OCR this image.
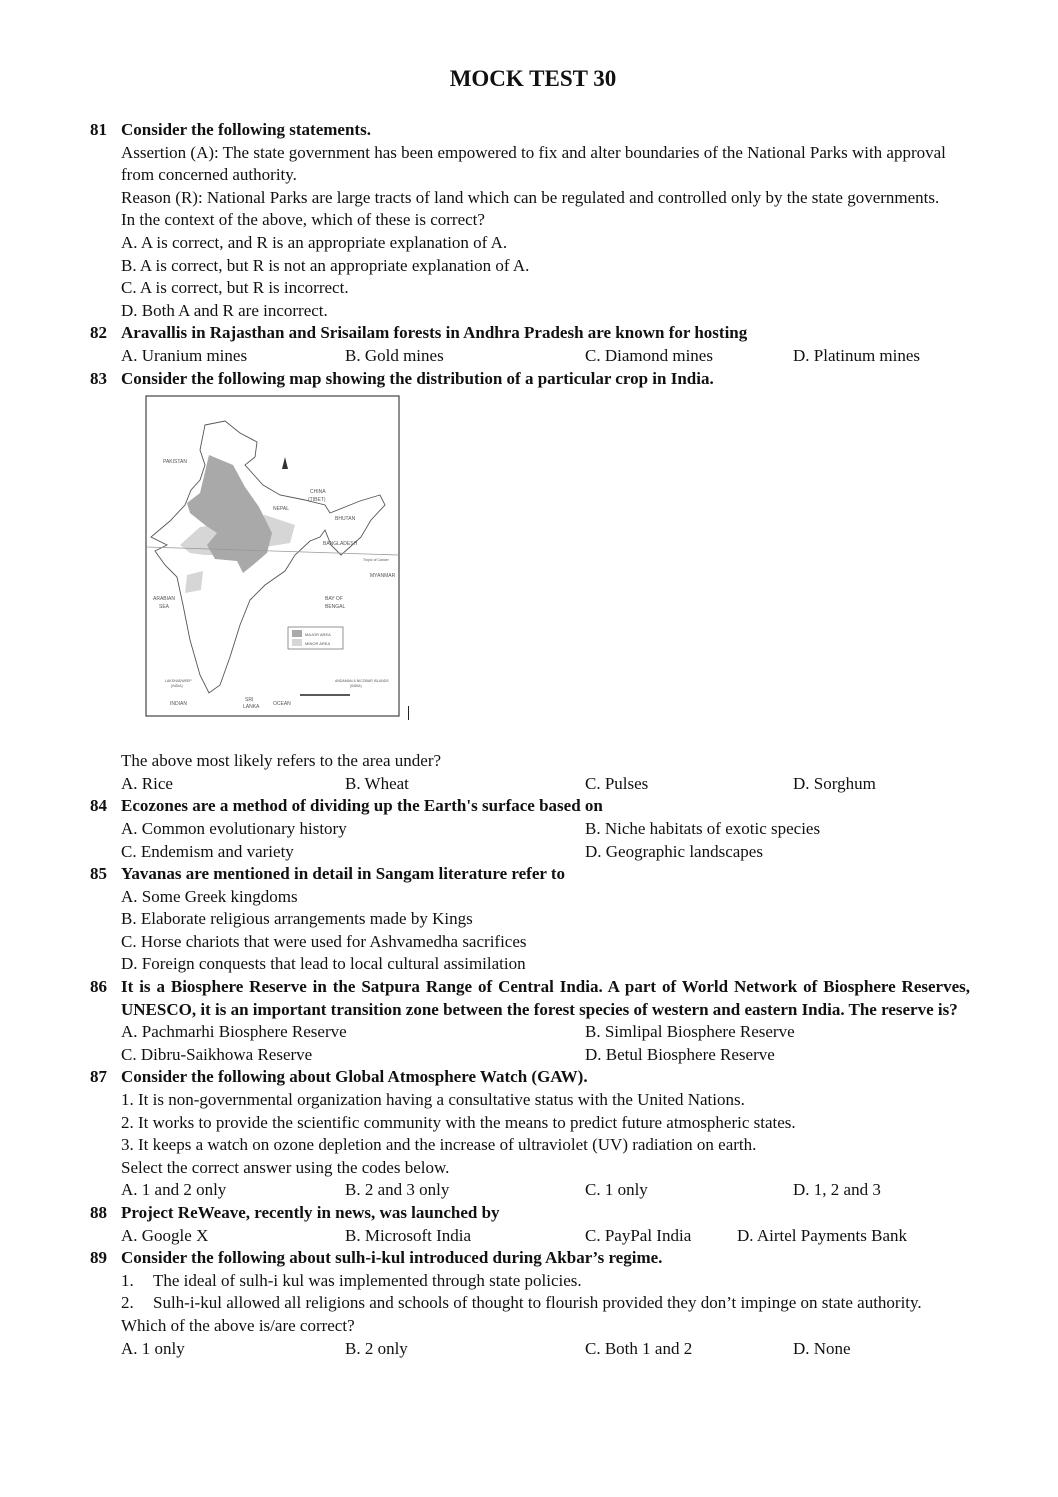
MOCK TEST 30
81 Consider the following statements.
Assertion (A): The state government has been empowered to fix and alter boundaries of the National Parks with approval from concerned authority.
Reason (R): National Parks are large tracts of land which can be regulated and controlled only by the state governments.
In the context of the above, which of these is correct?
A. A is correct, and R is an appropriate explanation of A.
B. A is correct, but R is not an appropriate explanation of A.
C. A is correct, but R is incorrect.
D. Both A and R are incorrect.
82 Aravallis in Rajasthan and Srisailam forests in Andhra Pradesh are known for hosting
A. Uranium mines	B. Gold mines	C. Diamond mines	D. Platinum mines
83 Consider the following map showing the distribution of a particular crop in India.
PAKISTAN
CHINA
(TIBET)
NEPAL
BHUTAN
BANGLADESH
MYANMAR
ARABIAN
SEA
BAY OF
BENGAL
INDIAN	OCEAN
SRI
LANKA
LAKSHADWEEP
(INDIA)
ANDAMAN & NICOBAR ISLANDS
(INDIA)
Tropic of Cancer
MAJOR AREA
MINOR AREA
The above most likely refers to the area under?
A. Rice	B. Wheat	C. Pulses	D. Sorghum
84 Ecozones are a method of dividing up the Earth's surface based on
A. Common evolutionary history	B. Niche habitats of exotic species
C. Endemism and variety	D. Geographic landscapes
85 Yavanas are mentioned in detail in Sangam literature refer to
A. Some Greek kingdoms
B. Elaborate religious arrangements made by Kings
C. Horse chariots that were used for Ashvamedha sacrifices
D. Foreign conquests that lead to local cultural assimilation
86 It is a Biosphere Reserve in the Satpura Range of Central India. A part of World Network of Biosphere Reserves, UNESCO, it is an important transition zone between the forest species of western and eastern India. The reserve is?
A. Pachmarhi Biosphere Reserve	B. Simlipal Biosphere Reserve
C. Dibru-Saikhowa Reserve	D. Betul Biosphere Reserve
87 Consider the following about Global Atmosphere Watch (GAW).
1. It is non-governmental organization having a consultative status with the United Nations.
2. It works to provide the scientific community with the means to predict future atmospheric states.
3. It keeps a watch on ozone depletion and the increase of ultraviolet (UV) radiation on earth.
Select the correct answer using the codes below.
A. 1 and 2 only	B. 2 and 3 only	C. 1 only	D. 1, 2 and 3
88 Project ReWeave, recently in news, was launched by
A. Google X	B. Microsoft India	C. PayPal India	D. Airtel Payments Bank
89 Consider the following about sulh-i-kul introduced during Akbar’s regime.
1.	The ideal of sulh-i kul was implemented through state policies.
2.	Sulh-i-kul allowed all religions and schools of thought to flourish provided they don’t impinge on state authority.
Which of the above is/are correct?
A. 1 only	B. 2 only	C. Both 1 and 2	D. None
